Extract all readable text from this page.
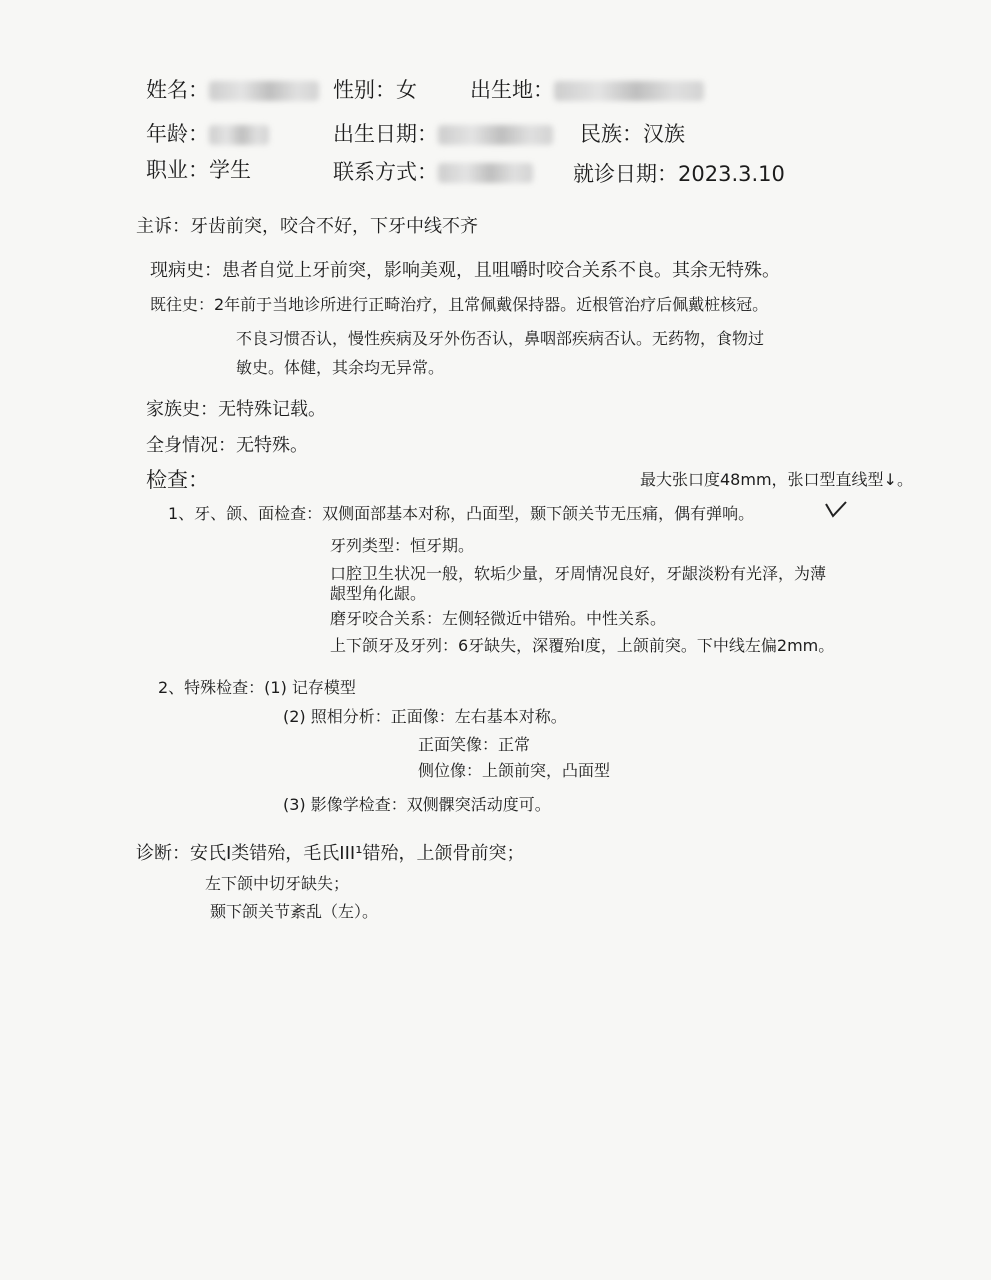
姓名：	性别：女	出生地：
年龄：	出生日期：	民族：汉族
职业：学生	联系方式：	就诊日期：2023.3.10
主诉：牙齿前突，咬合不好，下牙中线不齐
现病史：患者自觉上牙前突，影响美观，且咀嚼时咬合关系不良。其余无特殊。
既往史：2年前于当地诊所进行正畸治疗，且常佩戴保持器。近根管治疗后佩戴桩核冠。
不良习惯否认，慢性疾病及牙外伤否认，鼻咽部疾病否认。无药物，食物过
敏史。体健，其余均无异常。
家族史：无特殊记载。
全身情况：无特殊。
检查：	最大张口度48mm，张口型直线型↓。
1、牙、颌、面检查：双侧面部基本对称，凸面型，颞下颌关节无压痛，偶有弹响。
牙列类型：恒牙期。
口腔卫生状况一般，软垢少量，牙周情况良好，牙龈淡粉有光泽，为薄
龈型角化龈。
磨牙咬合关系：左侧轻微近中错殆。中性关系。
上下颌牙及牙列：6牙缺失，深覆殆I度，上颌前突。下中线左偏2mm。
2、特殊检查：(1) 记存模型
(2) 照相分析：正面像：左右基本对称。
正面笑像：正常
侧位像：上颌前突，凸面型
(3) 影像学检查：双侧髁突活动度可。
诊断：安氏I类错殆，毛氏III¹错殆，上颌骨前突；
左下颌中切牙缺失；
颞下颌关节紊乱（左）。
